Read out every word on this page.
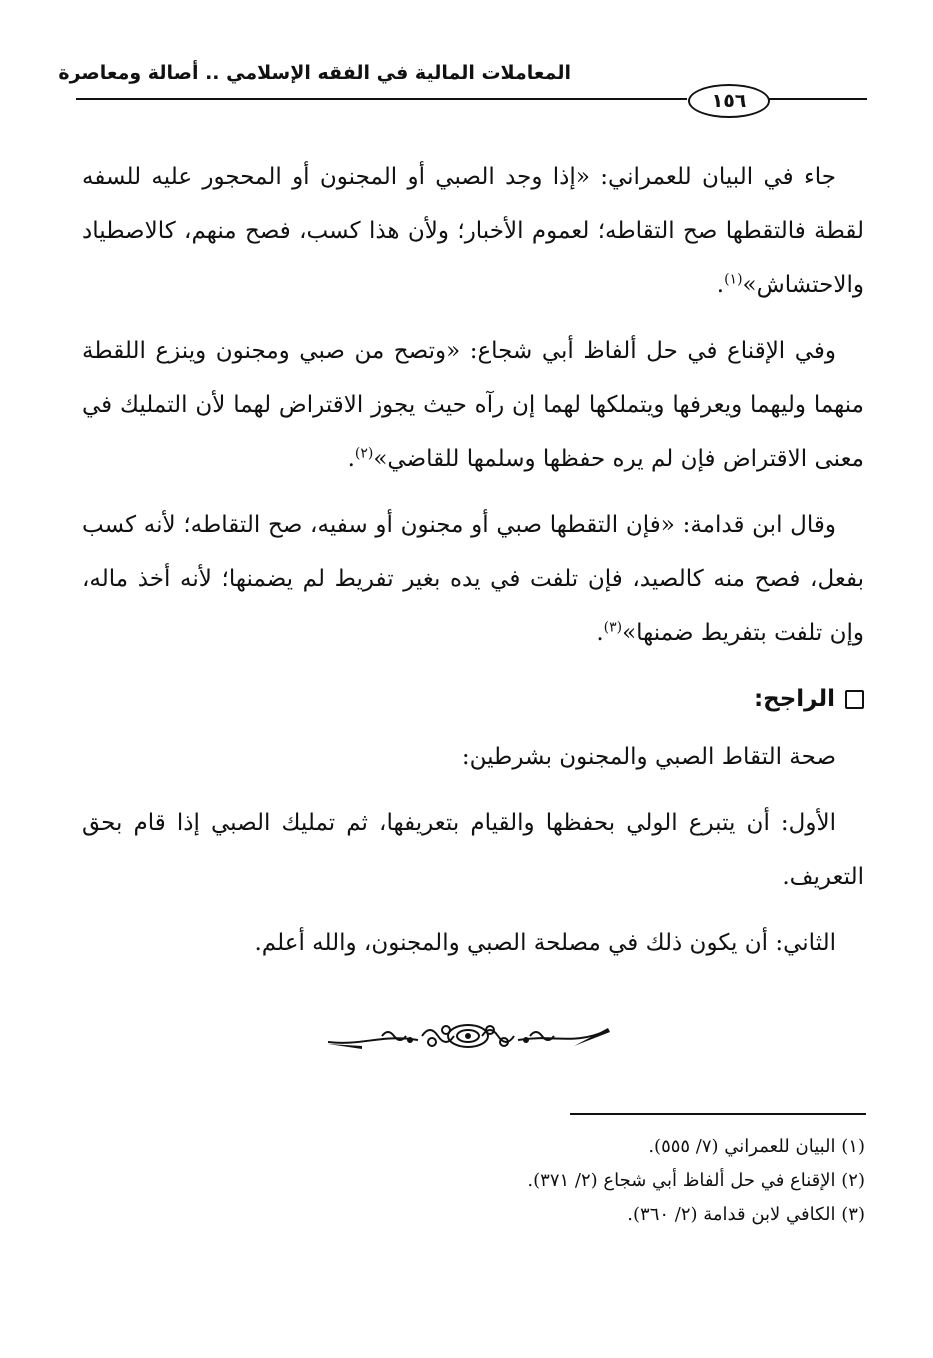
المعاملات المالية في الفقه الإسلامي .. أصالة ومعاصرة
١٥٦

جاء في البيان للعمراني: «إذا وجد الصبي أو المجنون أو المحجور عليه للسفه لقطة فالتقطها صح التقاطه؛ لعموم الأخبار؛ ولأن هذا كسب، فصح منهم، كالاصطياد والاحتشاش»$^{(١)}$.

وفي الإقناع في حل ألفاظ أبي شجاع: «وتصح من صبي ومجنون وينزع اللقطة منهما وليهما ويعرفها ويتملكها لهما إن رآه حيث يجوز الاقتراض لهما لأن التمليك في معنى الاقتراض فإن لم يره حفظها وسلمها للقاضي»$^{(٢)}$.

وقال ابن قدامة: «فإن التقطها صبي أو مجنون أو سفيه، صح التقاطه؛ لأنه كسب بفعل، فصح منه كالصيد، فإن تلفت في يده بغير تفريط لم يضمنها؛ لأنه أخذ ماله، وإن تلفت بتفريط ضمنها»$^{(٣)}$.

الراجح:

صحة التقاط الصبي والمجنون بشرطين:

الأول: أن يتبرع الولي بحفظها والقيام بتعريفها، ثم تمليك الصبي إذا قام بحق التعريف.

الثاني: أن يكون ذلك في مصلحة الصبي والمجنون، والله أعلم.

(١) البيان للعمراني (٧/ ٥٥٥).
(٢) الإقناع في حل ألفاظ أبي شجاع (٢/ ٣٧١).
(٣) الكافي لابن قدامة (٢/ ٣٦٠).
